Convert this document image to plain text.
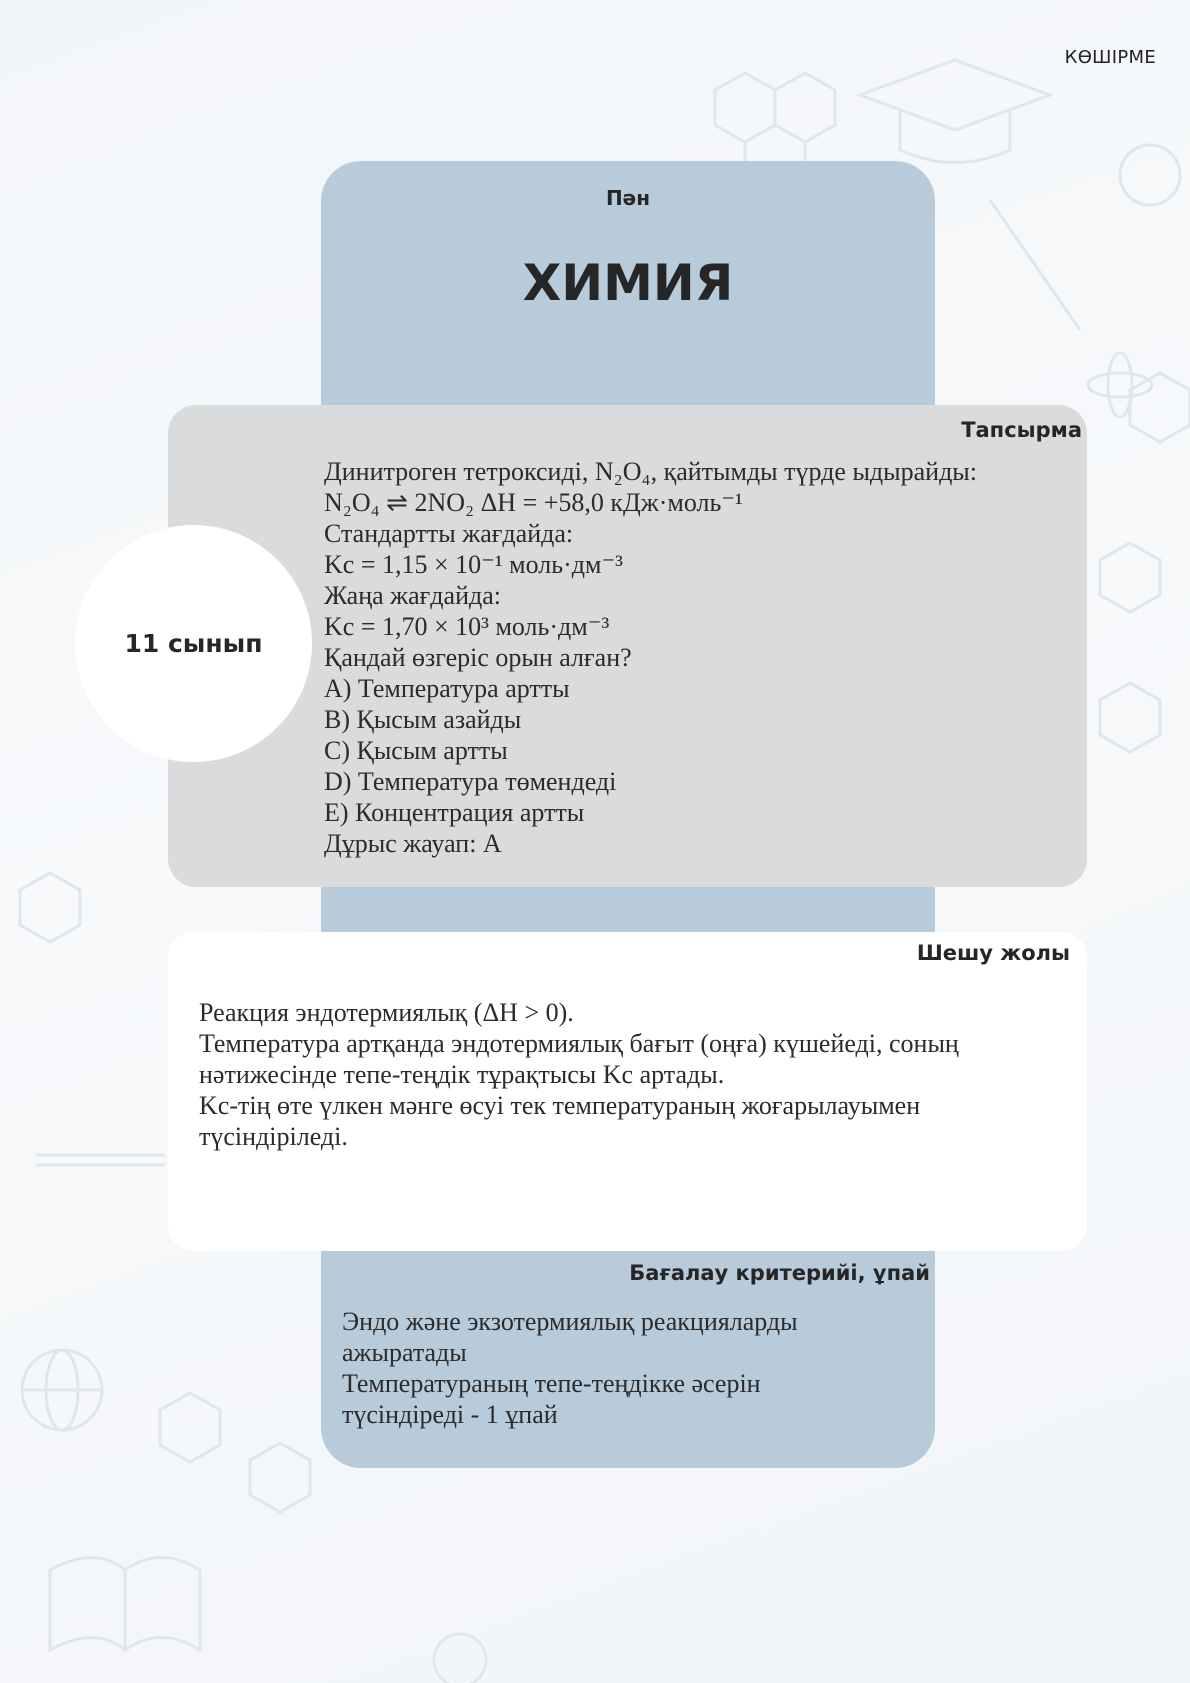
КӨШІРМЕ
Пән
ХИМИЯ
Тапсырма
Динитроген тетроксиді, N₂O₄, қайтымды түрде ыдырайды:
N₂O₄ ⇌ 2NO₂ ΔH = +58,0 кДж·моль⁻¹
Стандартты жағдайда:
Kc = 1,15 × 10⁻¹ моль·дм⁻³
Жаңа жағдайда:
Kc = 1,70 × 10³ моль·дм⁻³
Қандай өзгеріс орын алған?
A) Температура артты
B) Қысым азайды
C) Қысым артты
D) Температура төмендеді
E) Концентрация артты
Дұрыс жауап: A
11 сынып
Шешу жолы
Реакция эндотермиялық (ΔH > 0).
Температура артқанда эндотермиялық бағыт (оңға) күшейеді, соның
нәтижесінде тепе-теңдік тұрақтысы Kc артады.
Kc-тің өте үлкен мәнге өсуі тек температураның жоғарылауымен
түсіндіріледі.
Бағалау критерийі, ұпай
Эндо және экзотермиялық реакцияларды
ажыратады
Температураның тепе-теңдікке әсерін
түсіндіреді - 1 ұпай
